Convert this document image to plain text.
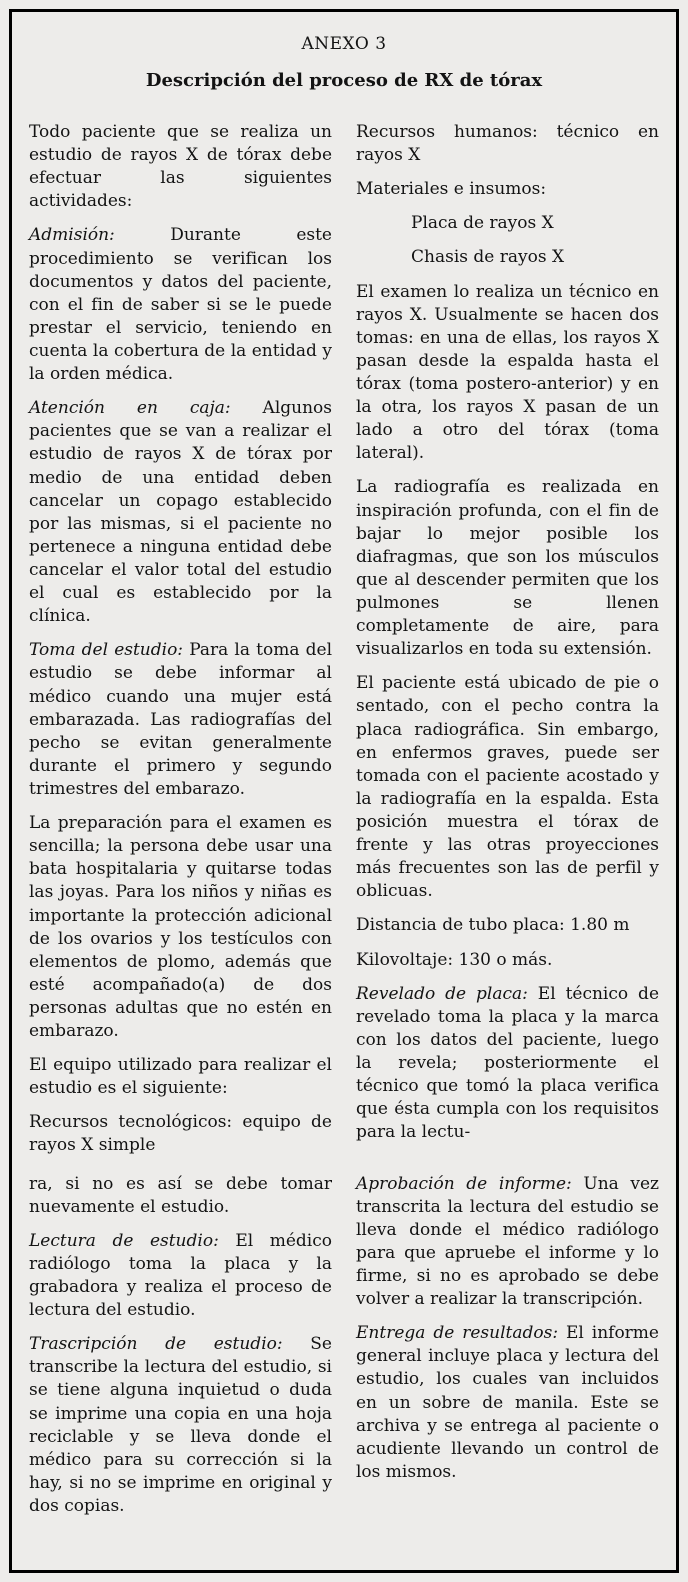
ANEXO 3
Descripción del proceso de RX de tórax

Todo paciente que se realiza un estudio de rayos X de tórax debe efectuar las siguientes actividades:

Admisión: Durante este procedimiento se verifican los documentos y datos del paciente, con el fin de saber si se le puede prestar el servicio, teniendo en cuenta la cobertura de la entidad y la orden médica.

Atención en caja: Algunos pacientes que se van a realizar el estudio de rayos X de tórax por medio de una entidad deben cancelar un copago establecido por las mismas, si el paciente no pertenece a ninguna entidad debe cancelar el valor total del estudio el cual es establecido por la clínica.

Toma del estudio: Para la toma del estudio se debe informar al médico cuando una mujer está embarazada. Las radiografías del pecho se evitan generalmente durante el primero y segundo trimestres del embarazo.

La preparación para el examen es sencilla; la persona debe usar una bata hospitalaria y quitarse todas las joyas. Para los niños y niñas es importante la protección adicional de los ovarios y los testículos con elementos de plomo, además que esté acompañado(a) de dos personas adultas que no estén en embarazo.

El equipo utilizado para realizar el estudio es el siguiente:

Recursos tecnológicos: equipo de rayos X simple

Recursos humanos: técnico en rayos X

Materiales e insumos:

Placa de rayos X

Chasis de rayos X

El examen lo realiza un técnico en rayos X. Usualmente se hacen dos tomas: en una de ellas, los rayos X pasan desde la espalda hasta el tórax (toma postero-anterior) y en la otra, los rayos X pasan de un lado a otro del tórax (toma lateral).

La radiografía es realizada en inspiración profunda, con el fin de bajar lo mejor posible los diafragmas, que son los músculos que al descender permiten que los pulmones se llenen completamente de aire, para visualizarlos en toda su extensión.

El paciente está ubicado de pie o sentado, con el pecho contra la placa radiográfica. Sin embargo, en enfermos graves, puede ser tomada con el paciente acostado y la radiografía en la espalda. Esta posición muestra el tórax de frente y las otras proyecciones más frecuentes son las de perfil y oblicuas.

Distancia de tubo placa: 1.80 m

Kilovoltaje: 130 o más.

Revelado de placa: El técnico de revelado toma la placa y la marca con los datos del paciente, luego la revela; posteriormente el técnico que tomó la placa verifica que ésta cumpla con los requisitos para la lectu-

ra, si no es así se debe tomar nuevamente el estudio.

Lectura de estudio: El médico radiólogo toma la placa y la grabadora y realiza el proceso de lectura del estudio.

Trascripción de estudio: Se transcribe la lectura del estudio, si se tiene alguna inquietud o duda se imprime una copia en una hoja reciclable y se lleva donde el médico para su corrección si la hay, si no se imprime en original y dos copias.

Aprobación de informe: Una vez transcrita la lectura del estudio se lleva donde el médico radiólogo para que apruebe el informe y lo firme, si no es aprobado se debe volver a realizar la transcripción.

Entrega de resultados: El informe general incluye placa y lectura del estudio, los cuales van incluidos en un sobre de manila. Este se archiva y se entrega al paciente o acudiente llevando un control de los mismos.
